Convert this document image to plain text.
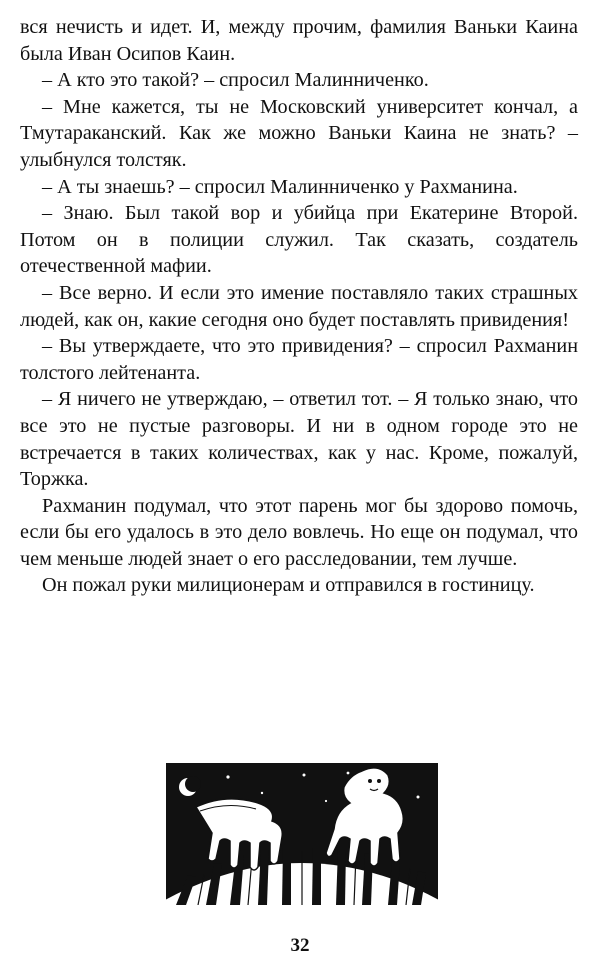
вся нечисть и идет. И, между прочим, фамилия Ваньки Каина была Иван Осипов Каин.

– А кто это такой? – спросил Малинниченко.

– Мне кажется, ты не Московский университет кончал, а Тмутараканский. Как же можно Ваньки Каина не знать? – улыбнулся толстяк.

– А ты знаешь? – спросил Малинниченко у Рахманина.

– Знаю. Был такой вор и убийца при Екатерине Второй. Потом он в полиции служил. Так сказать, создатель отечественной мафии.

– Все верно. И если это имение поставляло таких страшных людей, как он, какие сегодня оно будет поставлять привидения!

– Вы утверждаете, что это привидения? – спросил Рахманин толстого лейтенанта.

– Я ничего не утверждаю, – ответил тот. – Я только знаю, что все это не пустые разговоры. И ни в одном городе это не встречается в таких количествах, как у нас. Кроме, пожалуй, Торжка.

Рахманин подумал, что этот парень мог бы здорово помочь, если бы его удалось в это дело вовлечь. Но еще он подумал, что чем меньше людей знает о его расследовании, тем лучше.

Он пожал руки милиционерам и отправился в гостиницу.

32
